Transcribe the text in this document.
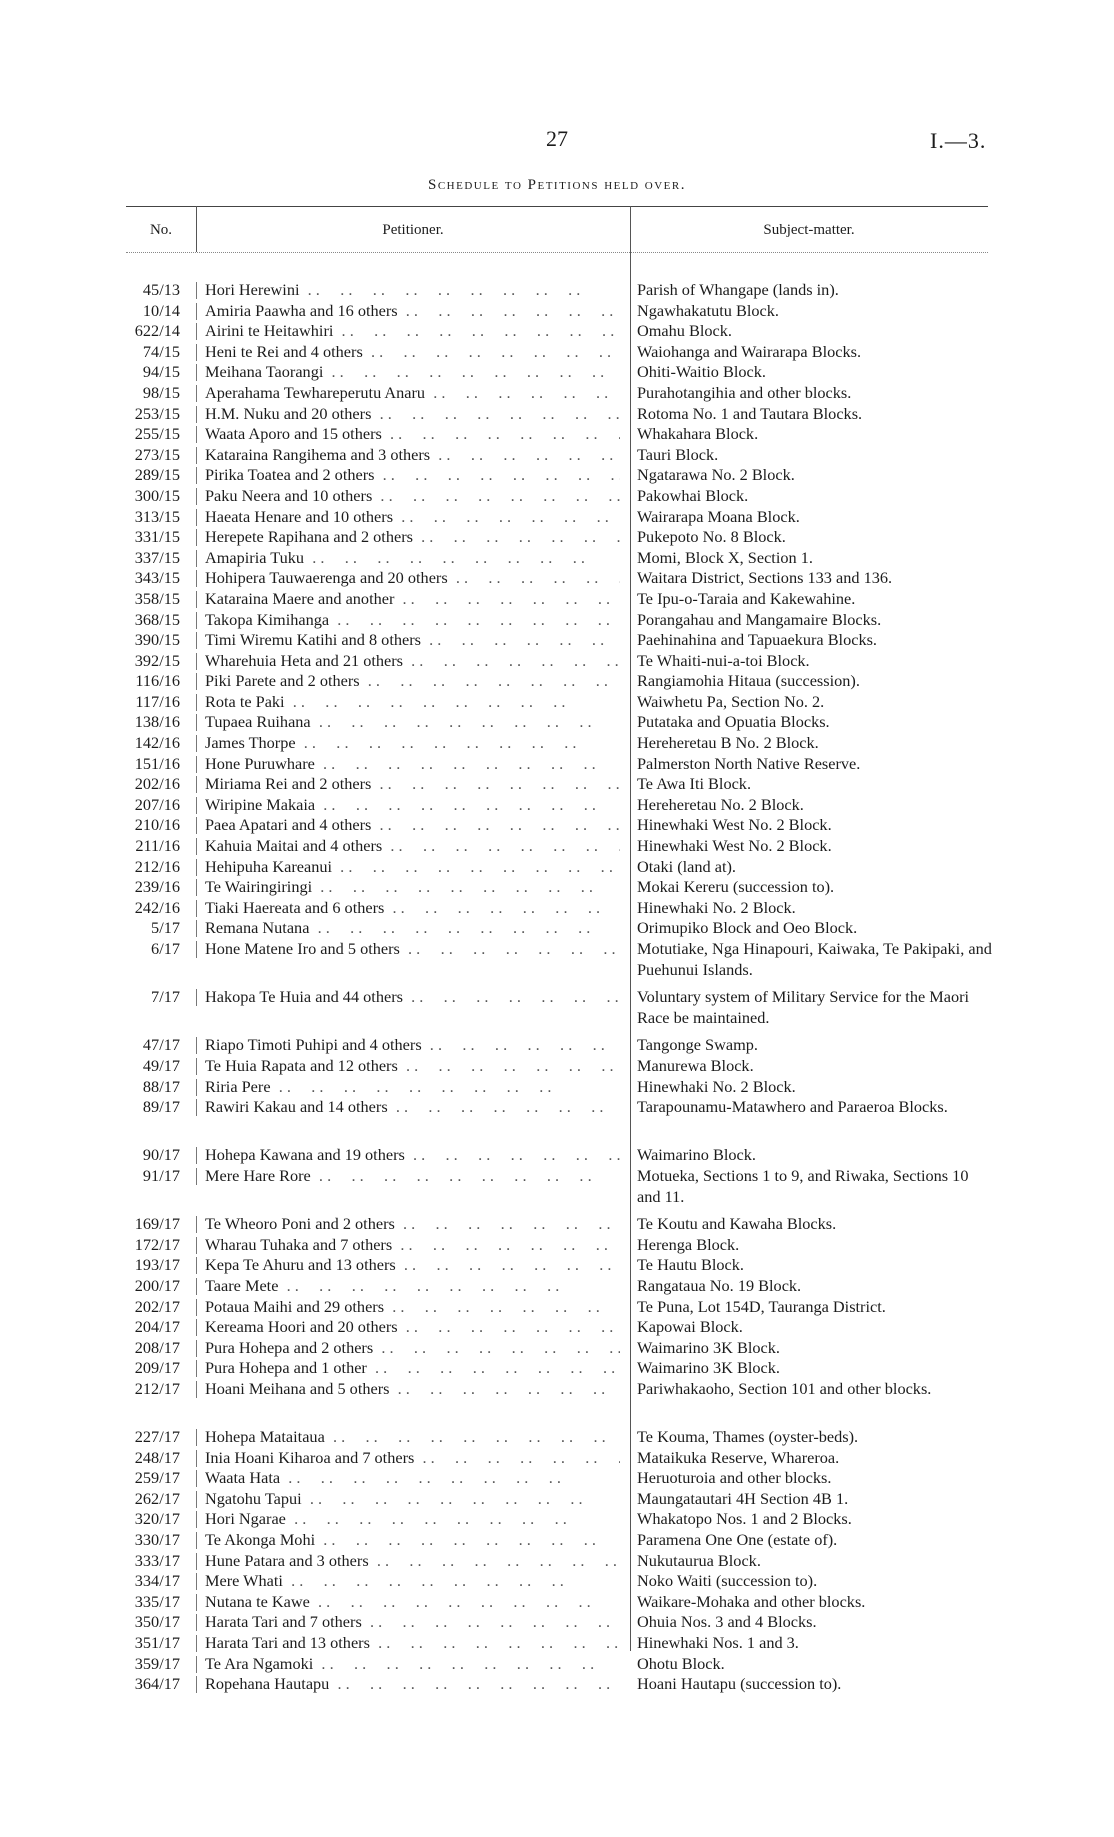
27	I.—3.
Schedule to Petitions held over.
No.	Petitioner.	Subject-matter.
45/13 Hori Herewini . .	Parish of Whangape (lands in).
10/14 Amiria Paawha and 16 others . .	Ngawhakatutu Block.
622/14 Airini te Heitawhiri . .	Omahu Block.
74/15 Heni te Rei and 4 others . .	Waiohanga and Wairarapa Blocks.
94/15 Meihana Taorangi . .	Ohiti-Waitio Block.
98/15 Aperahama Tewhareperutu Anaru . .	Purahotangihia and other blocks.
253/15 H.M. Nuku and 20 others . .	Rotoma No. 1 and Tautara Blocks.
255/15 Waata Aporo and 15 others . .	Whakahara Block.
273/15 Kataraina Rangihema and 3 others . .	Tauri Block.
289/15 Pirika Toatea and 2 others . .	Ngatarawa No. 2 Block.
300/15 Paku Neera and 10 others . .	Pakowhai Block.
313/15 Haeata Henare and 10 others . .	Wairarapa Moana Block.
331/15 Herepete Rapihana and 2 others . .	Pukepoto No. 8 Block.
337/15 Amapiria Tuku . .	Momi, Block X, Section 1.
343/15 Hohipera Tauwaerenga and 20 others . .	Waitara District, Sections 133 and 136.
358/15 Kataraina Maere and another . .	Te Ipu-o-Taraia and Kakewahine.
368/15 Takopa Kimihanga . .	Porangahau and Mangamaire Blocks.
390/15 Timi Wiremu Katihi and 8 others . .	Paehinahina and Tapuaekura Blocks.
392/15 Wharehuia Heta and 21 others . .	Te Whaiti-nui-a-toi Block.
116/16 Piki Parete and 2 others . .	Rangiamohia Hitaua (succession).
117/16 Rota te Paki . .	Waiwhetu Pa, Section No. 2.
138/16 Tupaea Ruihana . .	Putataka and Opuatia Blocks.
142/16 James Thorpe . .	Hereheretau B No. 2 Block.
151/16 Hone Puruwhare . .	Palmerston North Native Reserve.
202/16 Miriama Rei and 2 others . .	Te Awa Iti Block.
207/16 Wiripine Makaia . .	Hereheretau No. 2 Block.
210/16 Paea Apatari and 4 others . .	Hinewhaki West No. 2 Block.
211/16 Kahuia Maitai and 4 others . .	Hinewhaki West No. 2 Block.
212/16 Hehipuha Kareanui . .	Otaki (land at).
239/16 Te Wairingiringi . .	Mokai Kereru (succession to).
242/16 Tiaki Haereata and 6 others . .	Hinewhaki No. 2 Block.
5/17 Remana Nutana . .	Orimupiko Block and Oeo Block.
6/17 Hone Matene Iro and 5 others . .	Motutiake, Nga Hinapouri, Kaiwaka, Te Pakipaki, and Puehunui Islands.
7/17 Hakopa Te Huia and 44 others . .	Voluntary system of Military Service for the Maori Race be maintained.
47/17 Riapo Timoti Puhipi and 4 others . .	Tangonge Swamp.
49/17 Te Huia Rapata and 12 others . .	Manurewa Block.
88/17 Riria Pere . .	Hinewhaki No. 2 Block.
89/17 Rawiri Kakau and 14 others . .	Tarapounamu-Matawhero and Paraeroa Blocks.
90/17 Hohepa Kawana and 19 others . .	Waimarino Block.
91/17 Mere Hare Rore . .	Motueka, Sections 1 to 9, and Riwaka, Sections 10 and 11.
169/17 Te Wheoro Poni and 2 others . .	Te Koutu and Kawaha Blocks.
172/17 Wharau Tuhaka and 7 others . .	Herenga Block.
193/17 Kepa Te Ahuru and 13 others . .	Te Hautu Block.
200/17 Taare Mete . .	Rangataua No. 19 Block.
202/17 Potaua Maihi and 29 others . .	Te Puna, Lot 154D, Tauranga District.
204/17 Kereama Hoori and 20 others . .	Kapowai Block.
208/17 Pura Hohepa and 2 others . .	Waimarino 3K Block.
209/17 Pura Hohepa and 1 other . .	Waimarino 3K Block.
212/17 Hoani Meihana and 5 others . .	Pariwhakaoho, Section 101 and other blocks.
227/17 Hohepa Mataitaua . .	Te Kouma, Thames (oyster-beds).
248/17 Inia Hoani Kiharoa and 7 others . .	Mataikuka Reserve, Whareroa.
259/17 Waata Hata . .	Heruoturoia and other blocks.
262/17 Ngatohu Tapui . .	Maungatautari 4H Section 4B 1.
320/17 Hori Ngarae . .	Whakatopo Nos. 1 and 2 Blocks.
330/17 Te Akonga Mohi . .	Paramena One One (estate of).
333/17 Hune Patara and 3 others . .	Nukutaurua Block.
334/17 Mere Whati . .	Noko Waiti (succession to).
335/17 Nutana te Kawe . .	Waikare-Mohaka and other blocks.
350/17 Harata Tari and 7 others . .	Ohuia Nos. 3 and 4 Blocks.
351/17 Harata Tari and 13 others . .	Hinewhaki Nos. 1 and 3.
359/17 Te Ara Ngamoki . .	Ohotu Block.
364/17 Ropehana Hautapu . .	Hoani Hautapu (succession to).
